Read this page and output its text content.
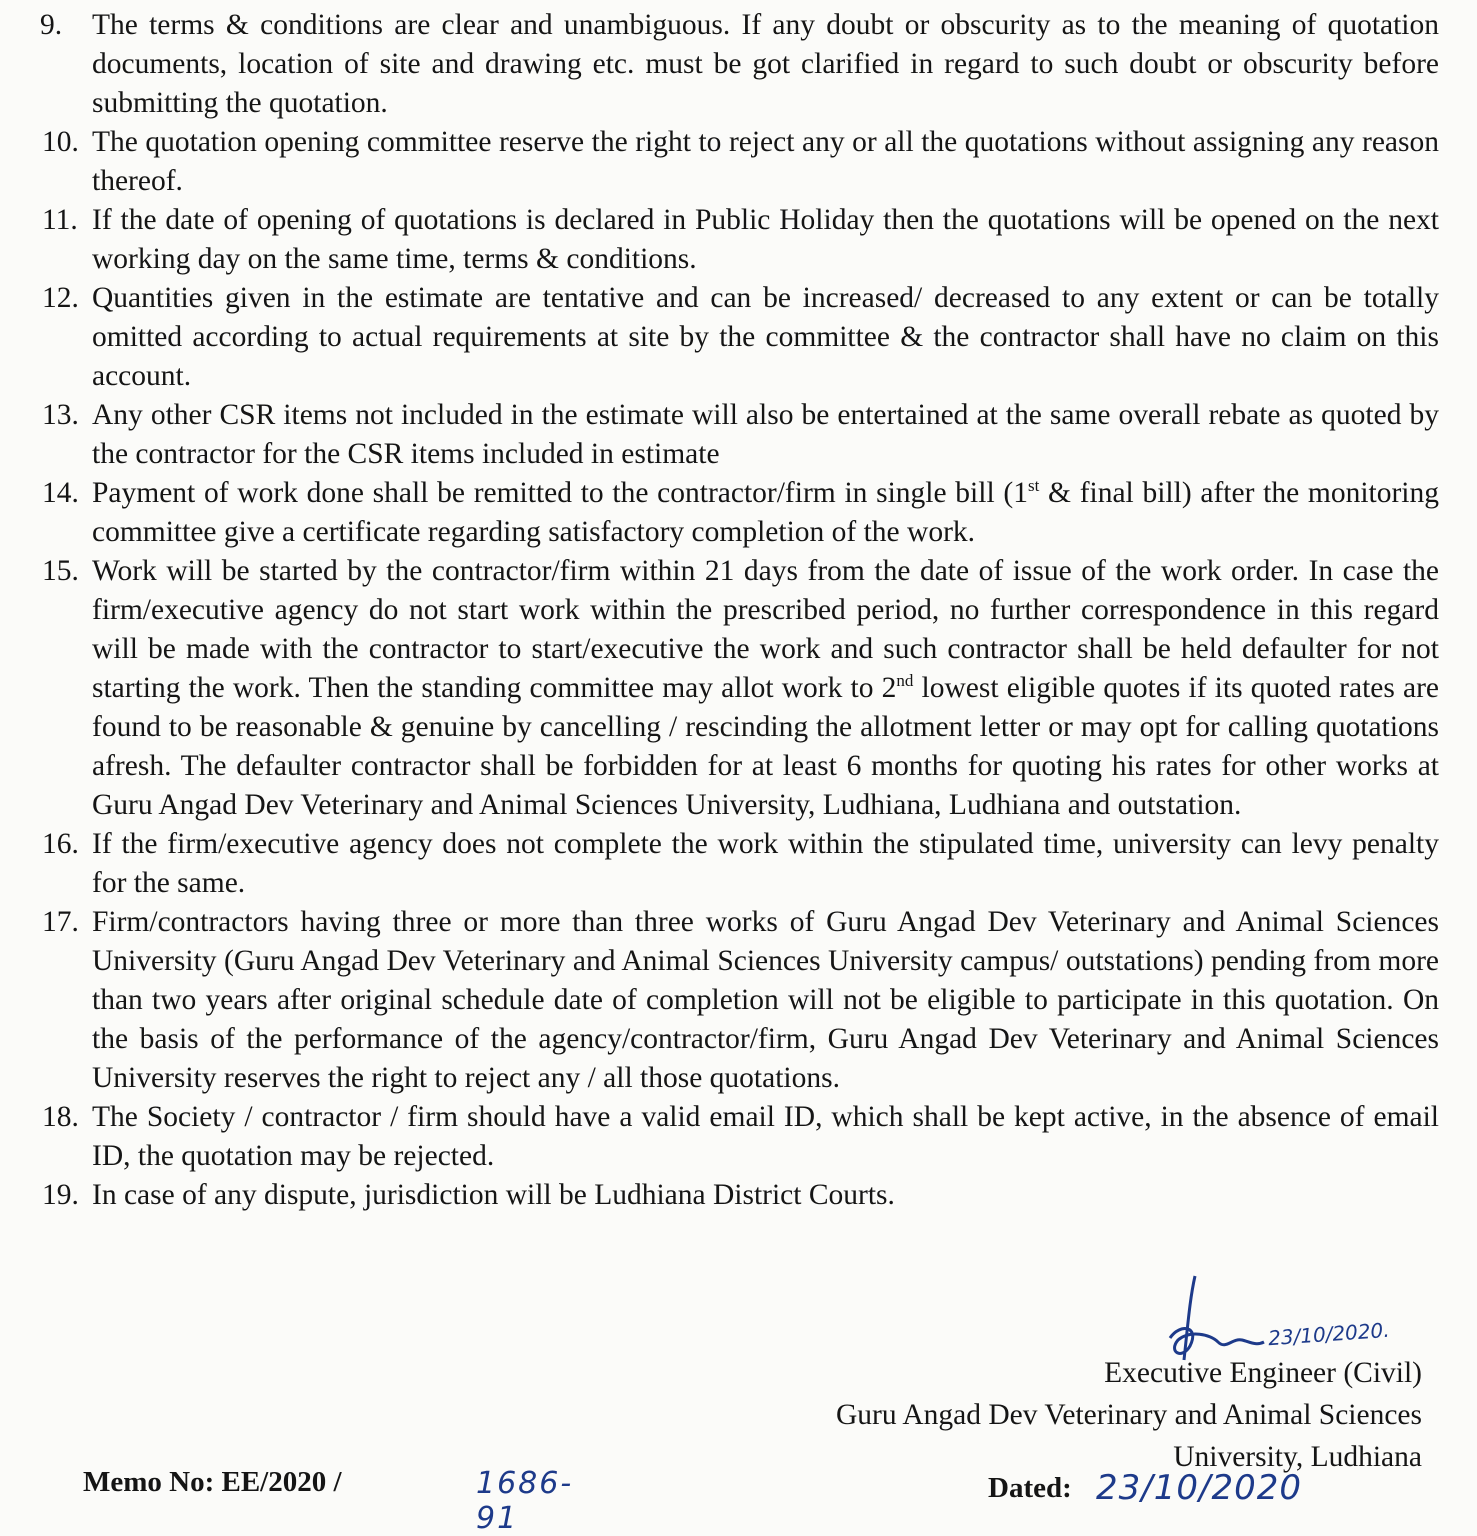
9.	The terms & conditions are clear and unambiguous. If any doubt or obscurity as to the meaning of quotation documents, location of site and drawing etc. must be got clarified in regard to such doubt or obscurity before submitting the quotation.
10. The quotation opening committee reserve the right to reject any or all the quotations without assigning any reason thereof.
11. If the date of opening of quotations is declared in Public Holiday then the quotations will be opened on the next working day on the same time, terms & conditions.
12. Quantities given in the estimate are tentative and can be increased/ decreased to any extent or can be totally omitted according to actual requirements at site by the committee & the contractor shall have no claim on this account.
13. Any other CSR items not included in the estimate will also be entertained at the same overall rebate as quoted by the contractor for the CSR items included in estimate
14. Payment of work done shall be remitted to the contractor/firm in single bill (1st & final bill) after the monitoring committee give a certificate regarding satisfactory completion of the work.
15. Work will be started by the contractor/firm within 21 days from the date of issue of the work order. In case the firm/executive agency do not start work within the prescribed period, no further correspondence in this regard will be made with the contractor to start/executive the work and such contractor shall be held defaulter for not starting the work. Then the standing committee may allot work to 2nd lowest eligible quotes if its quoted rates are found to be reasonable & genuine by cancelling / rescinding the allotment letter or may opt for calling quotations afresh. The defaulter contractor shall be forbidden for at least 6 months for quoting his rates for other works at Guru Angad Dev Veterinary and Animal Sciences University, Ludhiana, Ludhiana and outstation.
16. If the firm/executive agency does not complete the work within the stipulated time, university can levy penalty for the same.
17. Firm/contractors having three or more than three works of Guru Angad Dev Veterinary and Animal Sciences University (Guru Angad Dev Veterinary and Animal Sciences University campus/ outstations) pending from more than two years after original schedule date of completion will not be eligible to participate in this quotation. On the basis of the performance of the agency/contractor/firm, Guru Angad Dev Veterinary and Animal Sciences University reserves the right to reject any / all those quotations.
18. The Society / contractor / firm should have a valid email ID, which shall be kept active, in the absence of email ID, the quotation may be rejected.
19. In case of any dispute, jurisdiction will be Ludhiana District Courts.
23/10/2020.
Executive Engineer (Civil)
Guru Angad Dev Veterinary and Animal Sciences University, Ludhiana
Memo No: EE/2020 /	1686- 91
Dated: 23/10/2020
